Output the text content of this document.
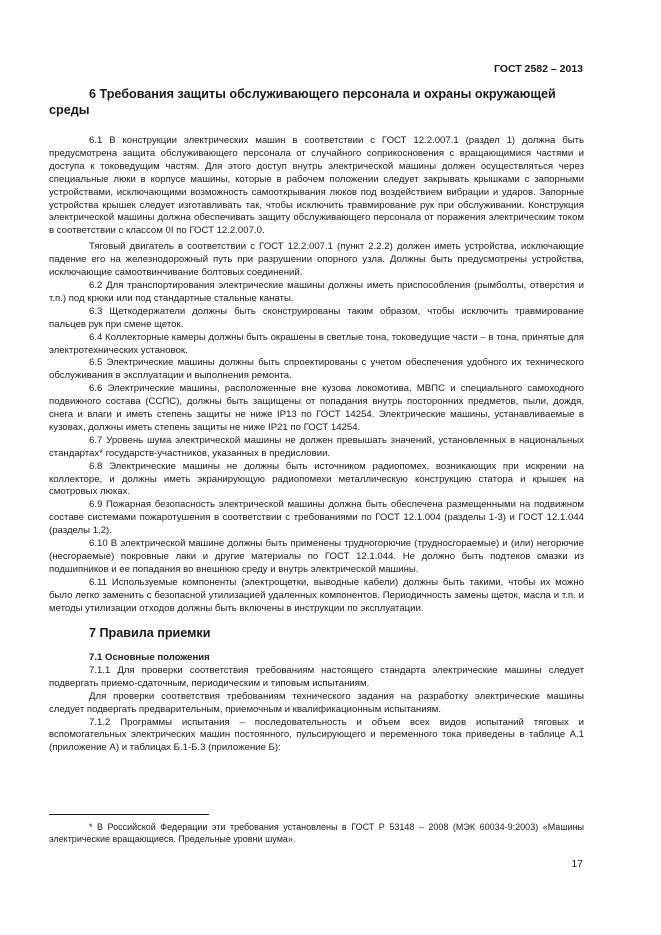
ГОСТ 2582 – 2013
6 Требования защиты обслуживающего персонала и охраны окружающей среды

6.1 В конструкции электрических машин в соответствии с ГОСТ 12.2.007.1 (раздел 1) должна быть предусмотрена защита обслуживающего персонала от случайного соприкосновения с вращающимися частями и доступа к токоведущим частям. Для этого доступ внутрь электрической машины должен осуществляться через специальные люки в корпусе машины, которые в рабочем положении следует закрывать крышками с запорными устройствами, исключающими возможность самооткрывания люков под воздействием вибрации и ударов. Запорные устройства крышек следует изготавливать так, чтобы исключить травмирование рук при обслуживании. Конструкция электрической машины должна обеспечивать защиту обслуживающего персонала от поражения электрическим током в соответствии с классом 0I по ГОСТ 12.2.007.0.

Тяговый двигатель в соответствии с ГОСТ 12.2.007.1 (пункт 2.2.2) должен иметь устройства, исключающие падение его на железнодорожный путь при разрушении опорного узла. Должны быть предусмотрены устройства, исключающие самоотвинчивание болтовых соединений.

6.2 Для транспортирования электрические машины должны иметь приспособления (рымболты, отверстия и т.п.) под крюки или под стандартные стальные канаты.

6.3 Щеткодержатели должны быть сконструированы таким образом, чтобы исключить травмирование пальцев рук при смене щеток.

6.4 Коллекторные камеры должны быть окрашены в светлые тона, токоведущие части – в тона, принятые для электротехнических установок.

6.5 Электрические машины должны быть спроектированы с учетом обеспечения удобного их технического обслуживания в эксплуатации и выполнения ремонта.

6.6 Электрические машины, расположенные вне кузова локомотива, МВПС и специального самоходного подвижного состава (ССПС), должны быть защищены от попадания внутрь посторонних предметов, пыли, дождя, снега и влаги и иметь степень защиты не ниже IP13 по ГОСТ 14254. Электрические машины, устанавливаемые в кузовах, должны иметь степень защиты не ниже IP21 по ГОСТ 14254.

6.7 Уровень шума электрической машины не должен превышать значений, установленных в национальных стандартах* государств-участников, указанных в предисловии.

6.8 Электрические машины не должны быть источником радиопомех, возникающих при искрении на коллекторе, и должны иметь экранирующую радиопомехи металлическую конструкцию статора и крышек на смотровых люках.

6.9 Пожарная безопасность электрической машины должна быть обеспечена размещенными на подвижном составе системами пожаротушения в соответствии с требованиями по ГОСТ 12.1.004 (разделы 1-3) и ГОСТ 12.1.044 (разделы 1,2).

6.10 В электрической машине должны быть применены трудногорючие (трудносгораемые) и (или) негорючие (несгораемые) покровные лаки и другие материалы по ГОСТ 12.1.044. Не должно быть подтеков смазки из подшипников и ее попадания во внешнюю среду и внутрь электрической машины.

6.11 Используемые компоненты (электрощетки, выводные кабели) должны быть такими, чтобы их можно было легко заменить с безопасной утилизацией удаленных компонентов. Периодичность замены щеток, масла и т.п. и методы утилизации отходов должны быть включены в инструкции по эксплуатации.

7 Правила приемки
7.1 Основные положения

7.1.1 Для проверки соответствия требованиям настоящего стандарта электрические машины следует подвергать приемо-сдаточным, периодическим и типовым испытаниям.

Для проверки соответствия требованиям технического задания на разработку электрические машины следует подвергать предварительным, приемочным и квалификационным испытаниям.

7.1.2 Программы испытания – последовательность и объем всех видов испытаний тяговых и вспомогательных электрических машин постоянного, пульсирующего и переменного тока приведены в таблице А.1 (приложение А) и таблицах Б.1-Б.3 (приложение Б):

* В Российской Федерации эти требования установлены в ГОСТ Р 53148 – 2008 (МЭК 60034-9:2003) «Машины электрические вращающиеся. Предельные уровни шума».
17
